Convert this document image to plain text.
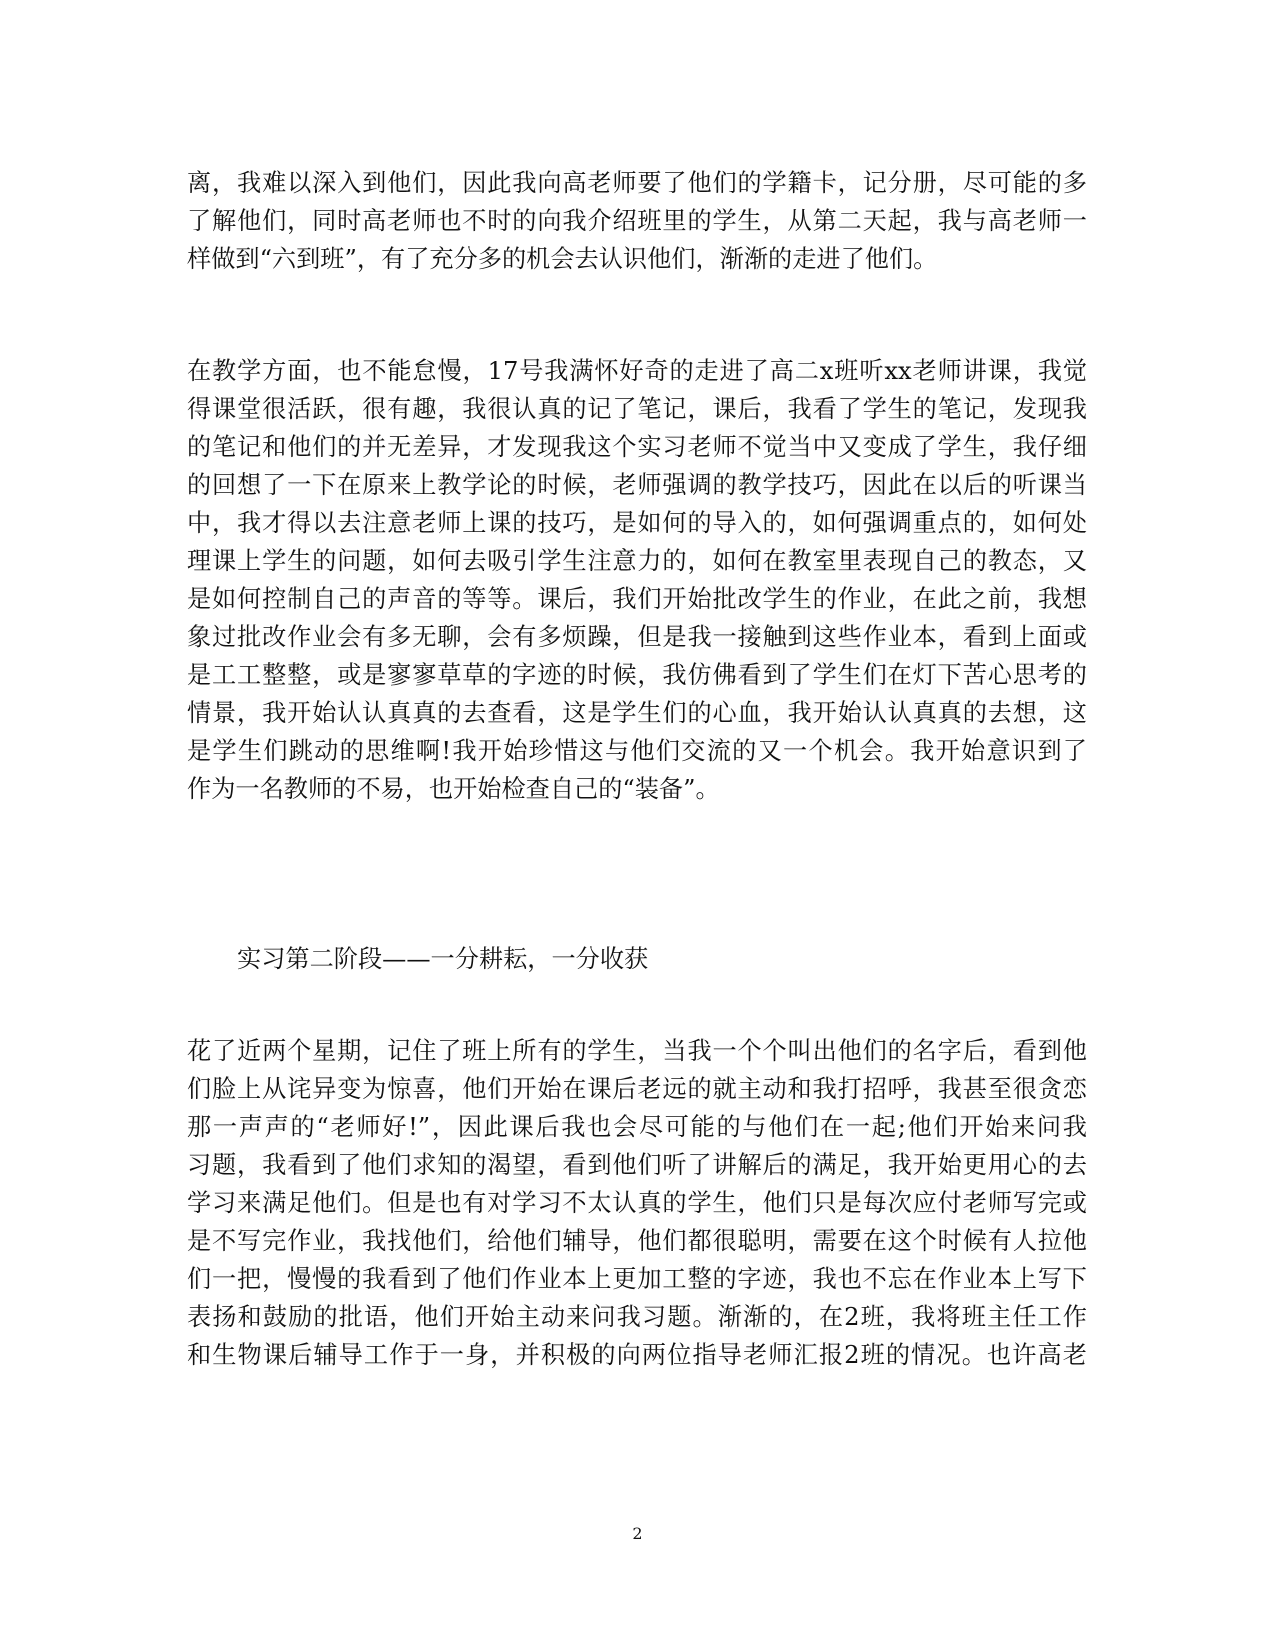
离，我难以深入到他们，因此我向高老师要了他们的学籍卡，记分册，尽可能的多
了解他们，同时高老师也不时的向我介绍班里的学生，从第二天起，我与高老师一
样做到“六到班”，有了充分多的机会去认识他们，渐渐的走进了他们。
在教学方面，也不能怠慢，17号我满怀好奇的走进了高二x班听xx老师讲课，我觉
得课堂很活跃，很有趣，我很认真的记了笔记，课后，我看了学生的笔记，发现我
的笔记和他们的并无差异，才发现我这个实习老师不觉当中又变成了学生，我仔细
的回想了一下在原来上教学论的时候，老师强调的教学技巧，因此在以后的听课当
中，我才得以去注意老师上课的技巧，是如何的导入的，如何强调重点的，如何处
理课上学生的问题，如何去吸引学生注意力的，如何在教室里表现自己的教态，又
是如何控制自己的声音的等等。课后，我们开始批改学生的作业，在此之前，我想
象过批改作业会有多无聊，会有多烦躁，但是我一接触到这些作业本，看到上面或
是工工整整，或是寥寥草草的字迹的时候，我仿佛看到了学生们在灯下苦心思考的
情景，我开始认认真真的去查看，这是学生们的心血，我开始认认真真的去想，这
是学生们跳动的思维啊!我开始珍惜这与他们交流的又一个机会。我开始意识到了
作为一名教师的不易，也开始检查自己的“装备”。
实习第二阶段——一分耕耘，一分收获
花了近两个星期，记住了班上所有的学生，当我一个个叫出他们的名字后，看到他
们脸上从诧异变为惊喜，他们开始在课后老远的就主动和我打招呼，我甚至很贪恋
那一声声的“老师好!”，因此课后我也会尽可能的与他们在一起;他们开始来问我
习题，我看到了他们求知的渴望，看到他们听了讲解后的满足，我开始更用心的去
学习来满足他们。但是也有对学习不太认真的学生，他们只是每次应付老师写完或
是不写完作业，我找他们，给他们辅导，他们都很聪明，需要在这个时候有人拉他
们一把，慢慢的我看到了他们作业本上更加工整的字迹，我也不忘在作业本上写下
表扬和鼓励的批语，他们开始主动来问我习题。渐渐的，在2班，我将班主任工作
和生物课后辅导工作于一身，并积极的向两位指导老师汇报2班的情况。也许高老
2
